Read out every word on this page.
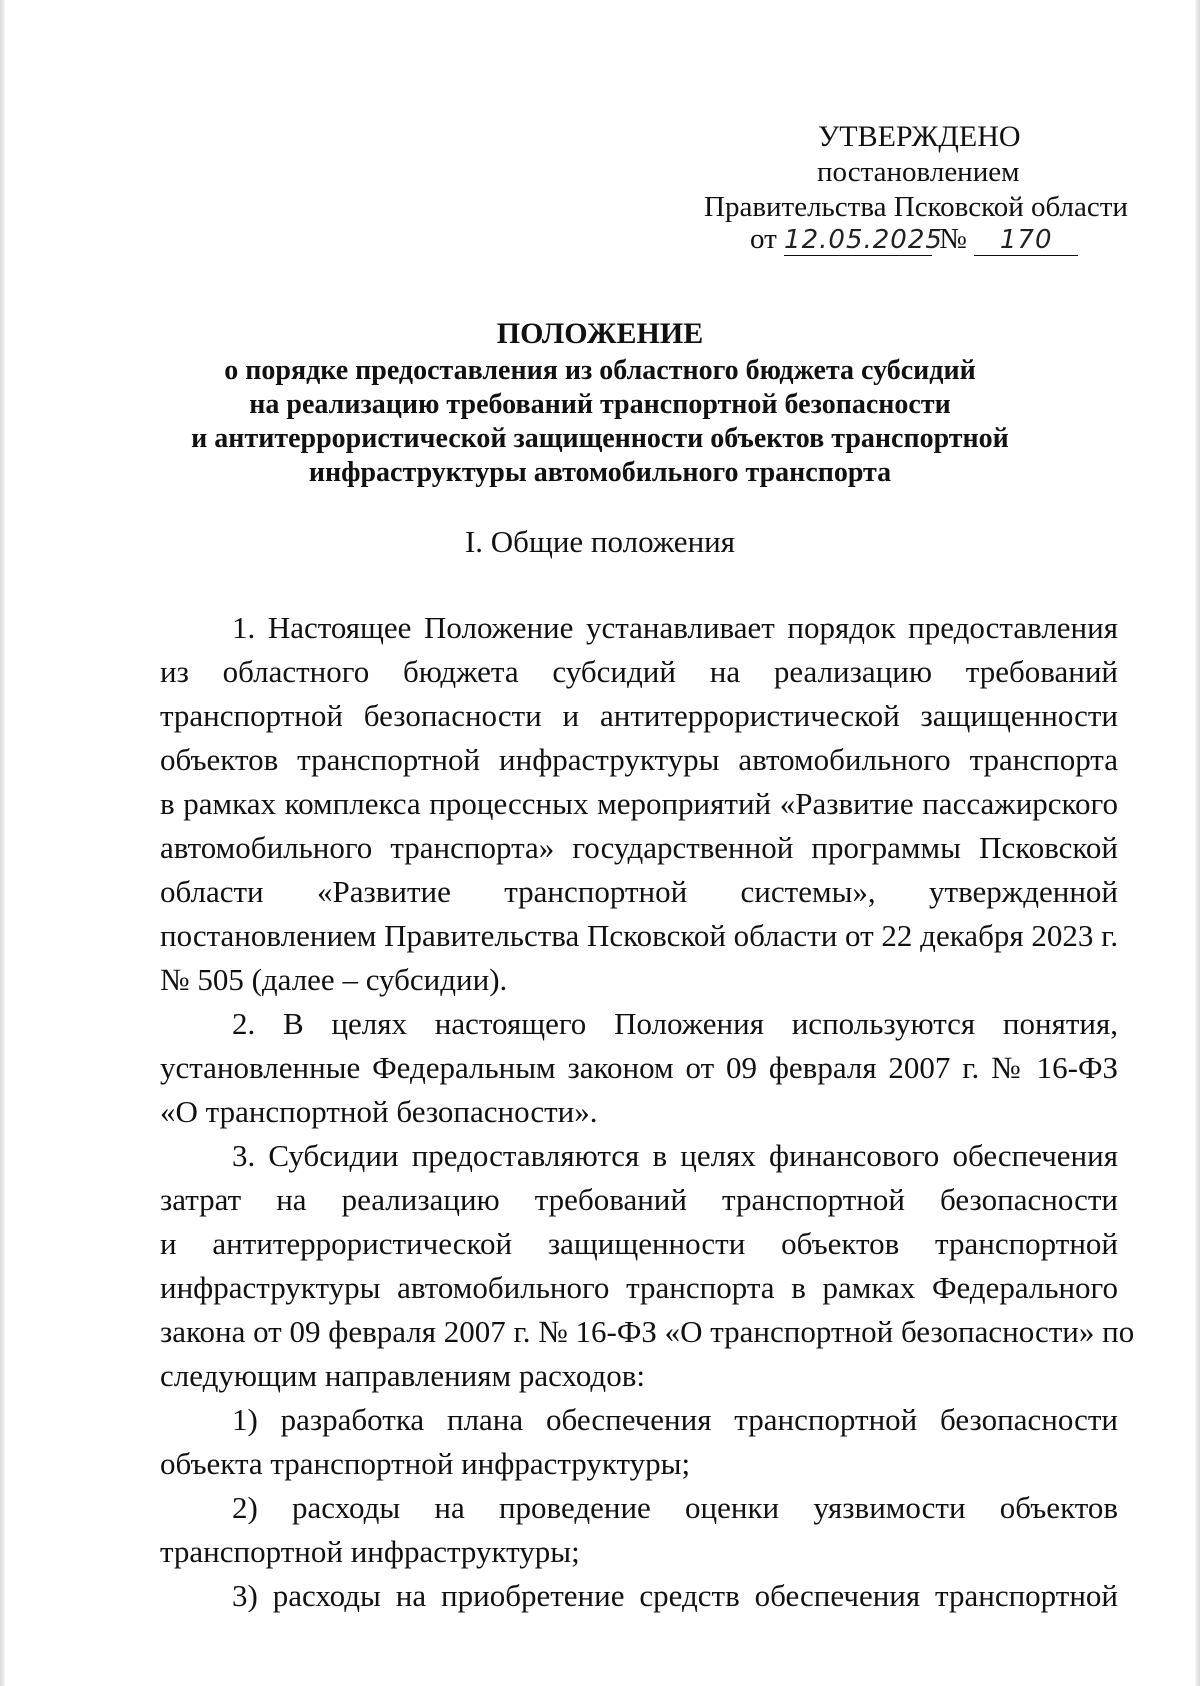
УТВЕРЖДЕНО
постановлением
Правительства Псковской области
от 12.05.2025 № 170
ПОЛОЖЕНИЕ
о порядке предоставления из областного бюджета субсидий
на реализацию требований транспортной безопасности
и антитеррористической защищенности объектов транспортной
инфраструктуры автомобильного транспорта
I. Общие положения
1. Настоящее Положение устанавливает порядок предоставления
из областного бюджета субсидий на реализацию требований
транспортной безопасности и антитеррористической защищенности
объектов транспортной инфраструктуры автомобильного транспорта
в рамках комплекса процессных мероприятий «Развитие пассажирского
автомобильного транспорта» государственной программы Псковской
области «Развитие транспортной системы», утвержденной
постановлением Правительства Псковской области от 22 декабря 2023 г.
№ 505 (далее – субсидии).
2. В целях настоящего Положения используются понятия,
установленные Федеральным законом от 09 февраля 2007 г. № 16-ФЗ
«О транспортной безопасности».
3. Субсидии предоставляются в целях финансового обеспечения
затрат на реализацию требований транспортной безопасности
и антитеррористической защищенности объектов транспортной
инфраструктуры автомобильного транспорта в рамках Федерального
закона от 09 февраля 2007 г. № 16-ФЗ «О транспортной безопасности» по
следующим направлениям расходов:
1) разработка плана обеспечения транспортной безопасности
объекта транспортной инфраструктуры;
2) расходы на проведение оценки уязвимости объектов
транспортной инфраструктуры;
3) расходы на приобретение средств обеспечения транспортной
